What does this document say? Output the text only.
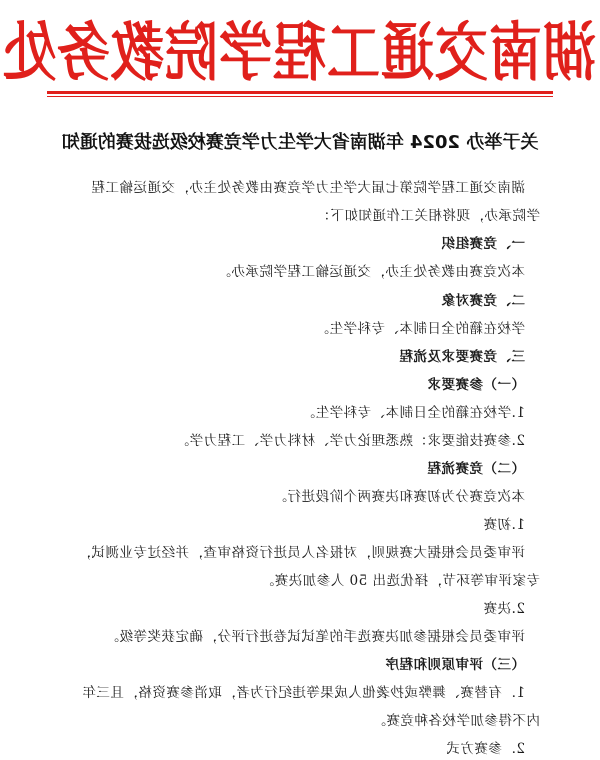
湖南交通工程学院教务处
关于举办 2024 年湖南省大学生力学竞赛校级选拔赛的通知
湖南交通工程学院第七届大学生力学竞赛由教务处主办，交通运输工程
学院承办，现将相关工作通知如下：
一、竞赛组织
本次竞赛由教务处主办，交通运输工程学院承办。
二、竞赛对象
学校在籍的全日制本、专科学生。
三、竞赛要求及流程
（一）参赛要求
1.学校在籍的全日制本、专科学生。
2.参赛技能要求：熟悉理论力学、材料力学、工程力学。
（二）竞赛流程
本次竞赛分为初赛和决赛两个阶段进行。
1.初赛
评审委员会根据大赛规则，对报名人员进行资格审查，并经过专业测试，
专家评审等环节，择优选出 50 人参加决赛。
2.决赛
评审委员会根据参加决赛选手的笔试试卷进行评分，确定获奖等级。
（三）评审原则和程序
1．有替赛、舞弊或抄袭他人成果等违纪行为者，取消参赛资格，且三年
内不得参加学校各种竞赛。
2．参赛方式
